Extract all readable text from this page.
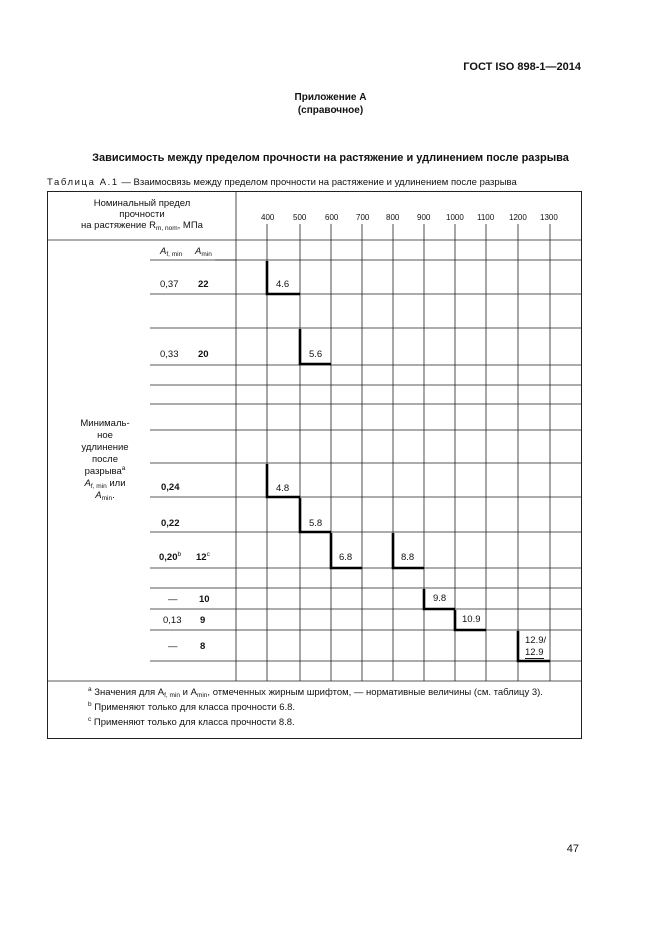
ГОСТ ISO 898-1—2014
Приложение А
(справочное)
Зависимость между пределом прочности на растяжение и удлинением после разрыва
Таблица А.1 — Взаимосвязь между пределом прочности на растяжение и удлинением после разрыва
Номинальный предел
прочности
на растяжение $R_{m, nom}$, МПа
400 500 600 700 800 900 1000 1100 1200 1300
$A_{f, min}$ $A_{min}$
Минималь-
ное
удлинение
после
разрыва$^a$
$A_{f, min}$ или
$A_{min}$.
0,37 22
0,33 20
0,24
0,22
0,20$^b$ 12$^c$
— 10
0,13 9
— 8
4.6
5.6
4.8
5.8
6.8	8.8
9.8
10.9
12.9/
12.9
$^a$ Значения для $A_{f, min}$ и $A_{min}$, отмеченных жирным шрифтом, — нормативные величины (см. таблицу 3).
$^b$ Применяют только для класса прочности 6.8.
$^c$ Применяют только для класса прочности 8.8.
47
